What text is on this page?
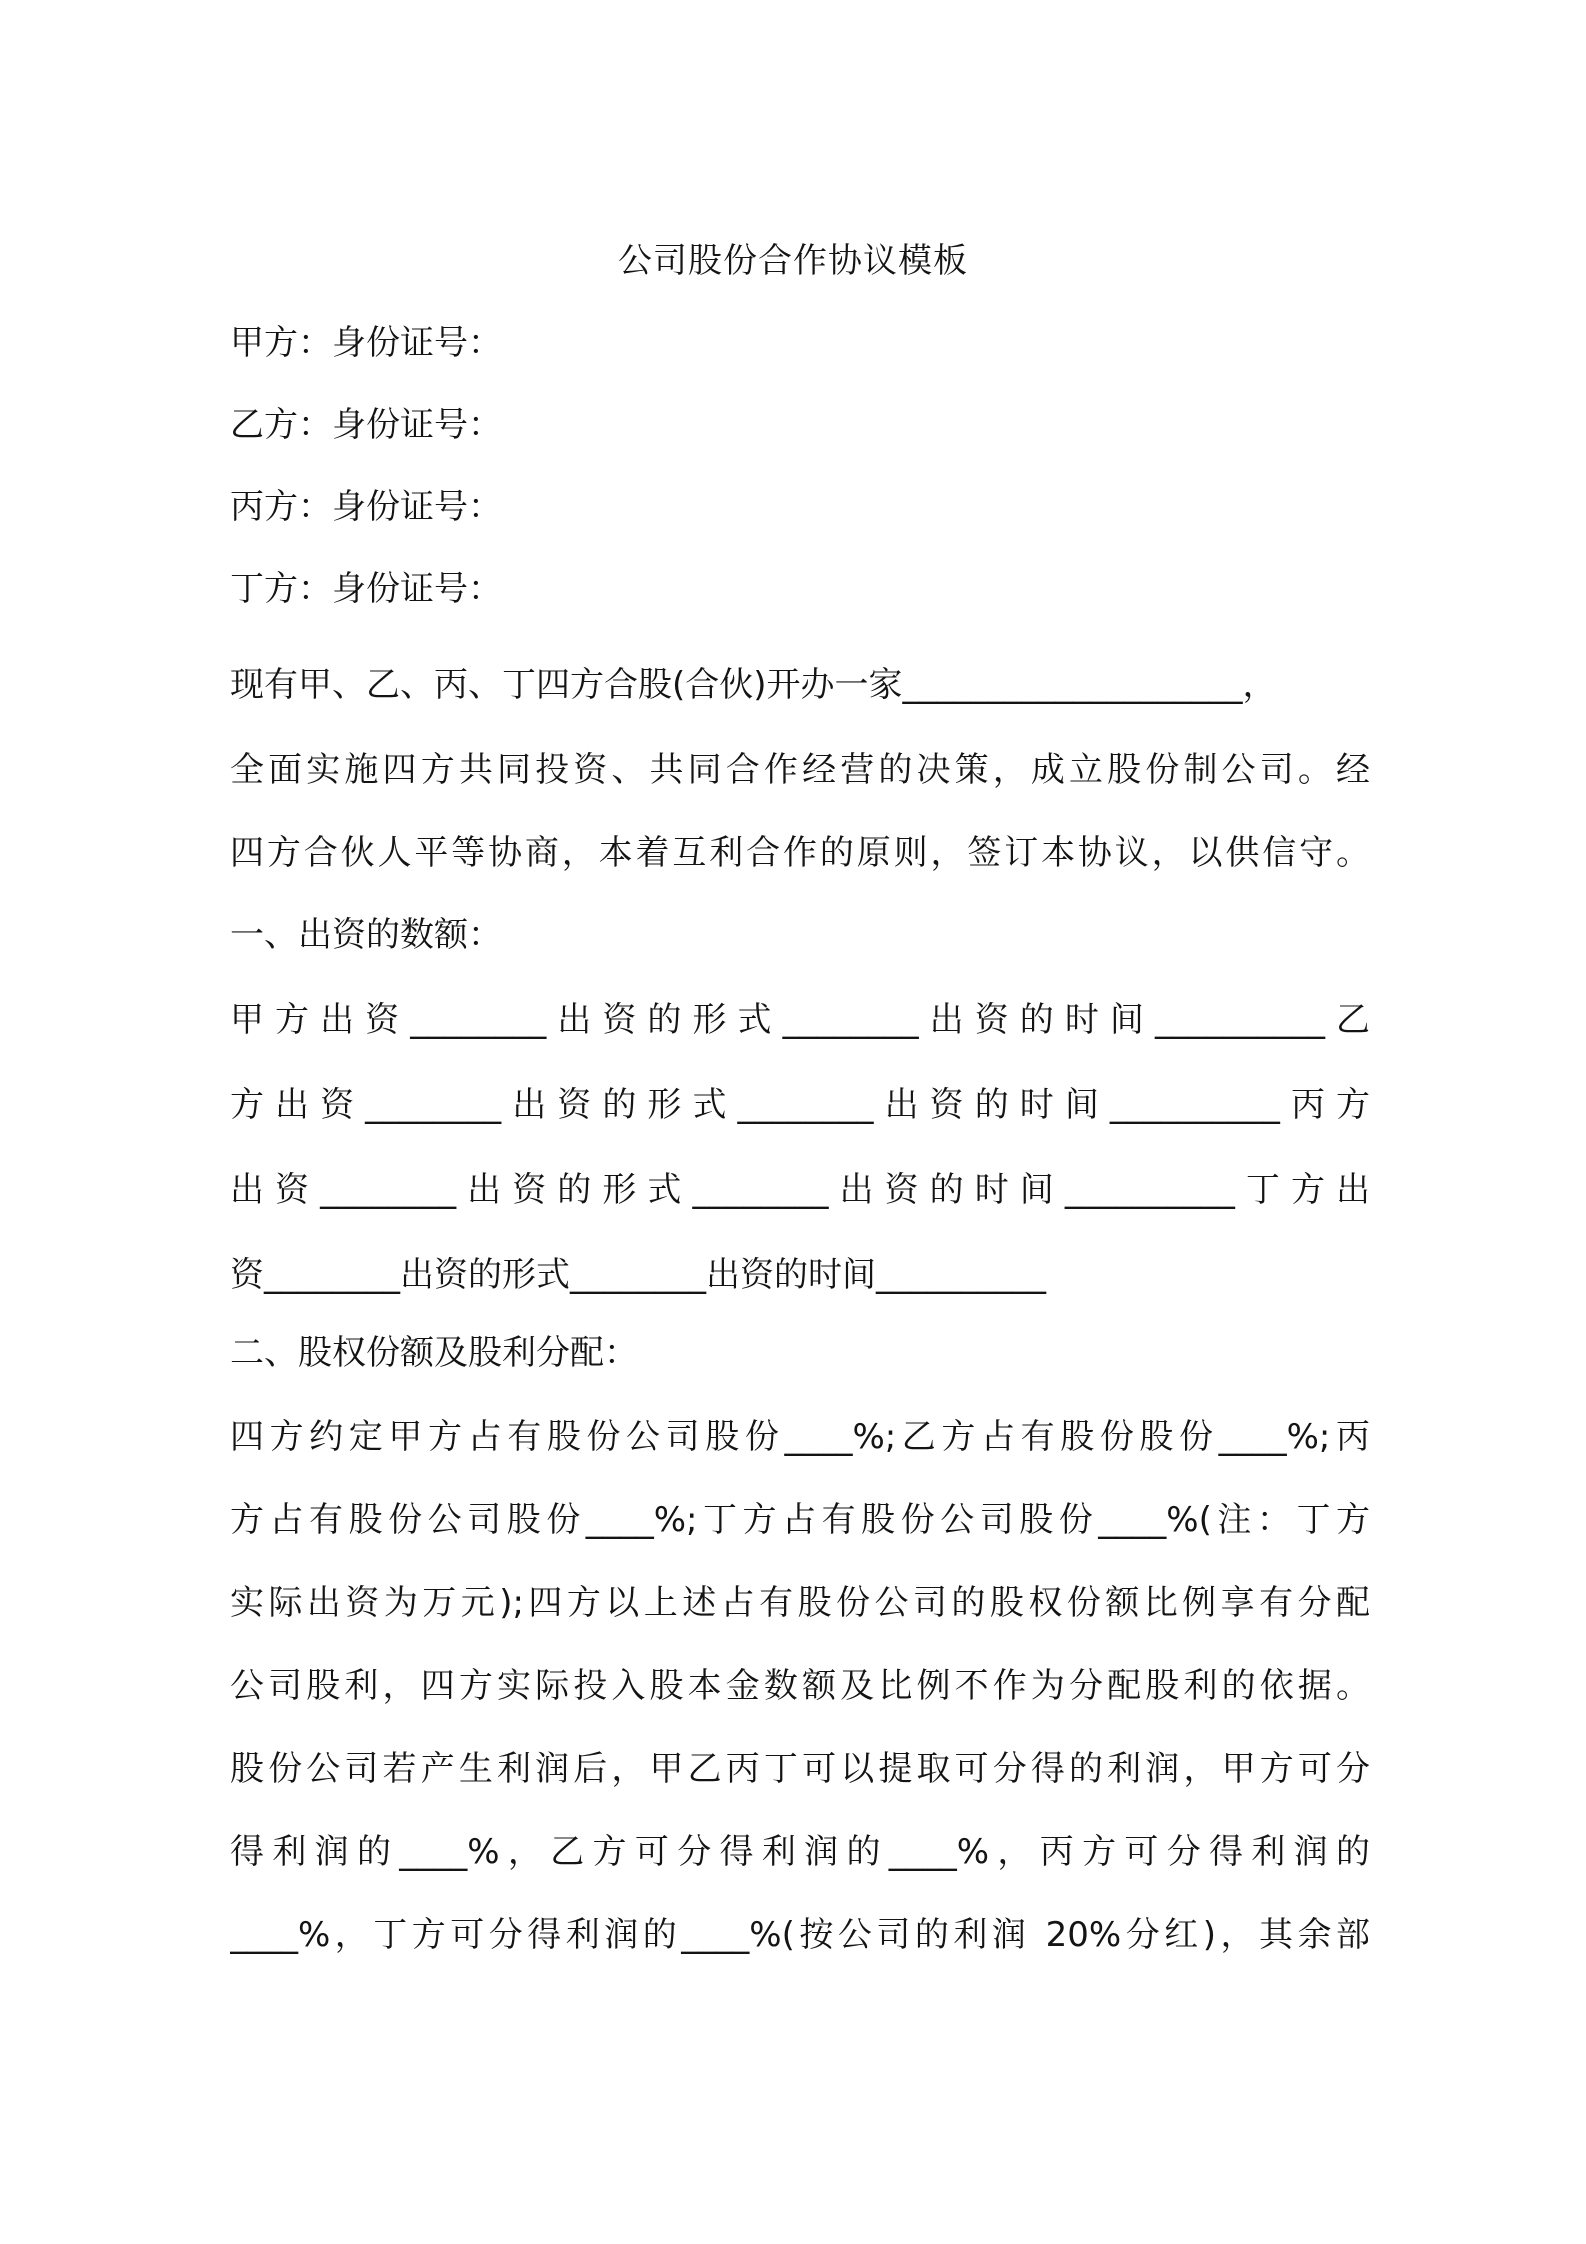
公司股份合作协议模板

甲方：身份证号：

乙方：身份证号：

丙方：身份证号：

丁方：身份证号：

现有甲、乙、丙、丁四方合股(合伙)开办一家____________________，

全面实施四方共同投资、共同合作经营的决策，成立股份制公司。经

四方合伙人平等协商，本着互利合作的原则，签订本协议，以供信守。

一、出资的数额：

甲方出资________出资的形式________出资的时间__________乙

方出资________出资的形式________出资的时间__________丙方

出资________出资的形式________出资的时间__________丁方出

资________出资的形式________出资的时间__________

二、股权份额及股利分配：

四方约定甲方占有股份公司股份____%;乙方占有股份股份____%;丙

方占有股份公司股份____%;丁方占有股份公司股份____%(注：丁方

实际出资为万元);四方以上述占有股份公司的股权份额比例享有分配

公司股利，四方实际投入股本金数额及比例不作为分配股利的依据。

股份公司若产生利润后，甲乙丙丁可以提取可分得的利润，甲方可分

得利润的____%，乙方可分得利润的____%，丙方可分得利润的

____%，丁方可分得利润的____%(按公司的利润 20%分红)，其余部
